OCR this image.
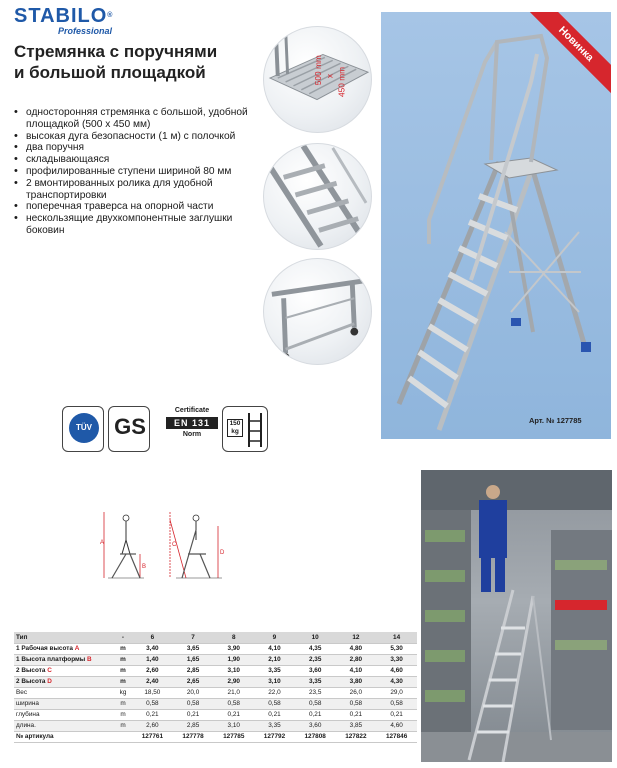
STABILO®
Professional
Стремянка с поручнями
и большой площадкой
• односторонняя стремянка с большой, удобной площадкой (500 x 450 мм)
• высокая дуга безопасности (1 м) с полочкой
• два поручня
• складывающаяся
• профилированные ступени шириной 80 мм
• 2 вмонтированных ролика для удобной транспортировки
• поперечная траверса на опорной части
• нескользящие двухкомпонентные заглушки боковин
500 mm x 450 mm
Новинка
Арт. № 127785
TÜV	GS
Certificate
EN 131
Norm
150 kg
A
B
C
D
Тип	-	6	7	8	9	10	12	14
1 Рабочая высота A	m	3,40	3,65	3,90	4,10	4,35	4,80	5,30
1 Высота платформы B	m	1,40	1,65	1,90	2,10	2,35	2,80	3,30
2 Высота C	m	2,60	2,85	3,10	3,35	3,60	4,10	4,60
2 Высота D	m	2,40	2,65	2,90	3,10	3,35	3,80	4,30
Вес	kg	18,50	20,0	21,0	22,0	23,5	26,0	29,0
ширина	m	0,58	0,58	0,58	0,58	0,58	0,58	0,58
глубина	m	0,21	0,21	0,21	0,21	0,21	0,21	0,21
длина.	m	2,60	2,85	3,10	3,35	3,60	3,85	4,60
№ артикула		127761	127778	127785	127792	127808	127822	127846
